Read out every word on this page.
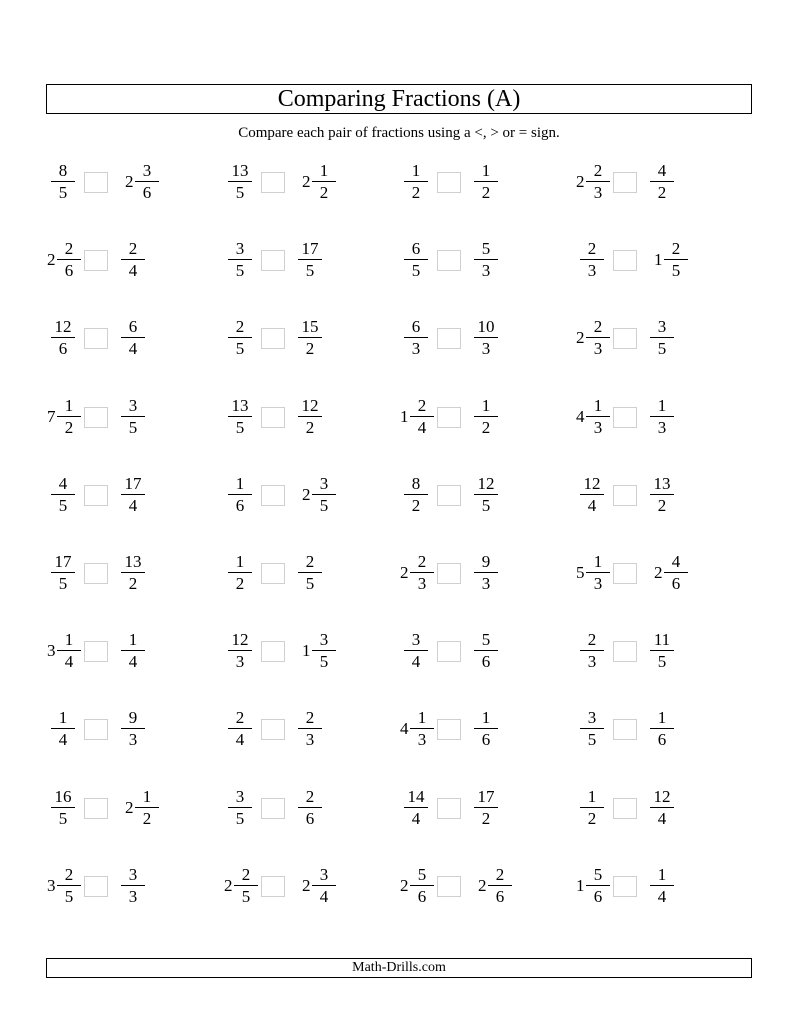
Comparing Fractions (A)
Compare each pair of fractions using a <, > or = sign.
8
5
2
3
6
13
5
2
1
2
1
2
1
2
2
2
3
4
2
2
2
6
2
4
3
5
17
5
6
5
5
3
2
3
1
2
5
12
6
6
4
2
5
15
2
6
3
10
3
2
2
3
3
5
7
1
2
3
5
13
5
12
2
1
2
4
1
2
4
1
3
1
3
4
5
17
4
1
6
2
3
5
8
2
12
5
12
4
13
2
17
5
13
2
1
2
2
5
2
2
3
9
3
5
1
3
2
4
6
3
1
4
1
4
12
3
1
3
5
3
4
5
6
2
3
11
5
1
4
9
3
2
4
2
3
4
1
3
1
6
3
5
1
6
16
5
2
1
2
3
5
2
6
14
4
17
2
1
2
12
4
3
2
5
3
3
2
2
5
2
3
4
2
5
6
2
2
6
1
5
6
1
4
Math-Drills.com
